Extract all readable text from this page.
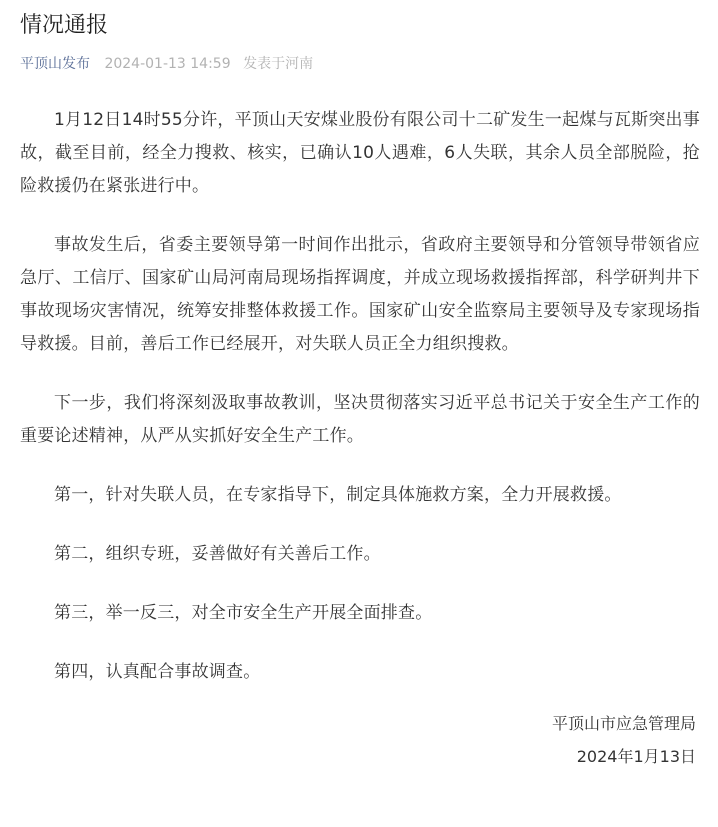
情况通报
平顶山发布 2024-01-13 14:59 发表于河南

1月12日14时55分许，平顶山天安煤业股份有限公司十二矿发生一起煤与瓦斯突出事故，截至目前，经全力搜救、核实，已确认10人遇难，6人失联，其余人员全部脱险，抢险救援仍在紧张进行中。

事故发生后，省委主要领导第一时间作出批示，省政府主要领导和分管领导带领省应急厅、工信厅、国家矿山局河南局现场指挥调度，并成立现场救援指挥部，科学研判井下事故现场灾害情况，统筹安排整体救援工作。国家矿山安全监察局主要领导及专家现场指导救援。目前，善后工作已经展开，对失联人员正全力组织搜救。

下一步，我们将深刻汲取事故教训，坚决贯彻落实习近平总书记关于安全生产工作的重要论述精神，从严从实抓好安全生产工作。

第一，针对失联人员，在专家指导下，制定具体施救方案，全力开展救援。

第二，组织专班，妥善做好有关善后工作。

第三，举一反三，对全市安全生产开展全面排查。

第四，认真配合事故调查。

平顶山市应急管理局

2024年1月13日
